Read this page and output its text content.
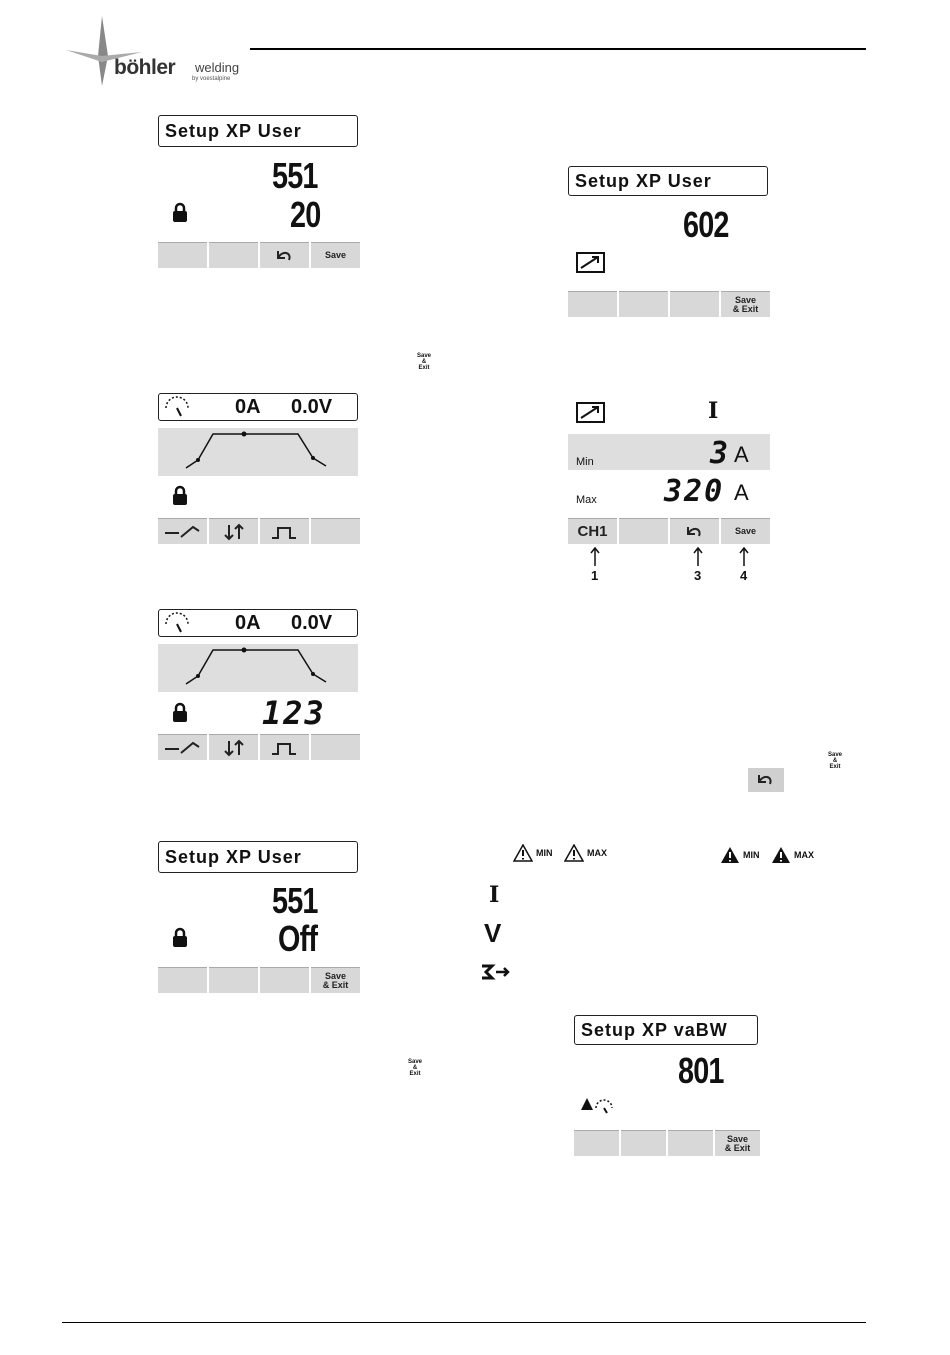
böhler welding
by voestalpine
Setup XP User
551
20
Save
Setup XP User
602
Save
& Exit
Save
&
Exit
0A 0.0V	I
Min	3 A
Max 320 A
CH1	Save
1	3	4
0A 0.0V
123
Save
&
Exit
Setup XP User
551
Off
Save
& Exit
MIN	MAX	MIN	MAX
I
V
Save
&
Exit
Setup XP vaBW
801
Save
& Exit
